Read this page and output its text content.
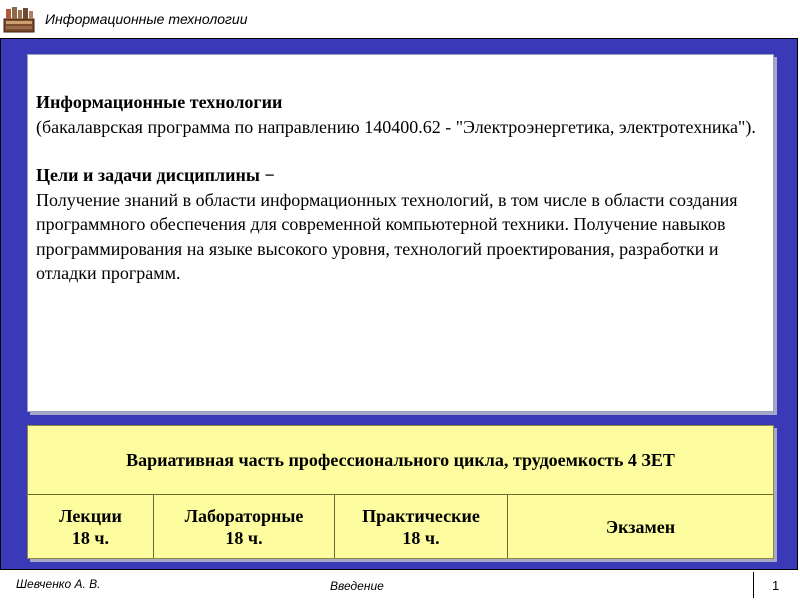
Информационные технологии

Информационные технологии

(бакалаврская программа по направлению 140400.62 - "Электроэнергетика, электротехника").

Цели и задачи дисциплины −

Получение знаний в области информационных технологий, в том числе в области создания программного обеспечения для современной компьютерной техники. Получение навыков программирования на языке высокого уровня, технологий проектирования, разработки и отладки программ.

Вариативная часть профессионального цикла, трудоемкость 4 ЗЕТ
Лекции
18 ч.
Лабораторные
18 ч.
Практические
18 ч.
Экзамен
Шевченко А. В.	Введение	1
